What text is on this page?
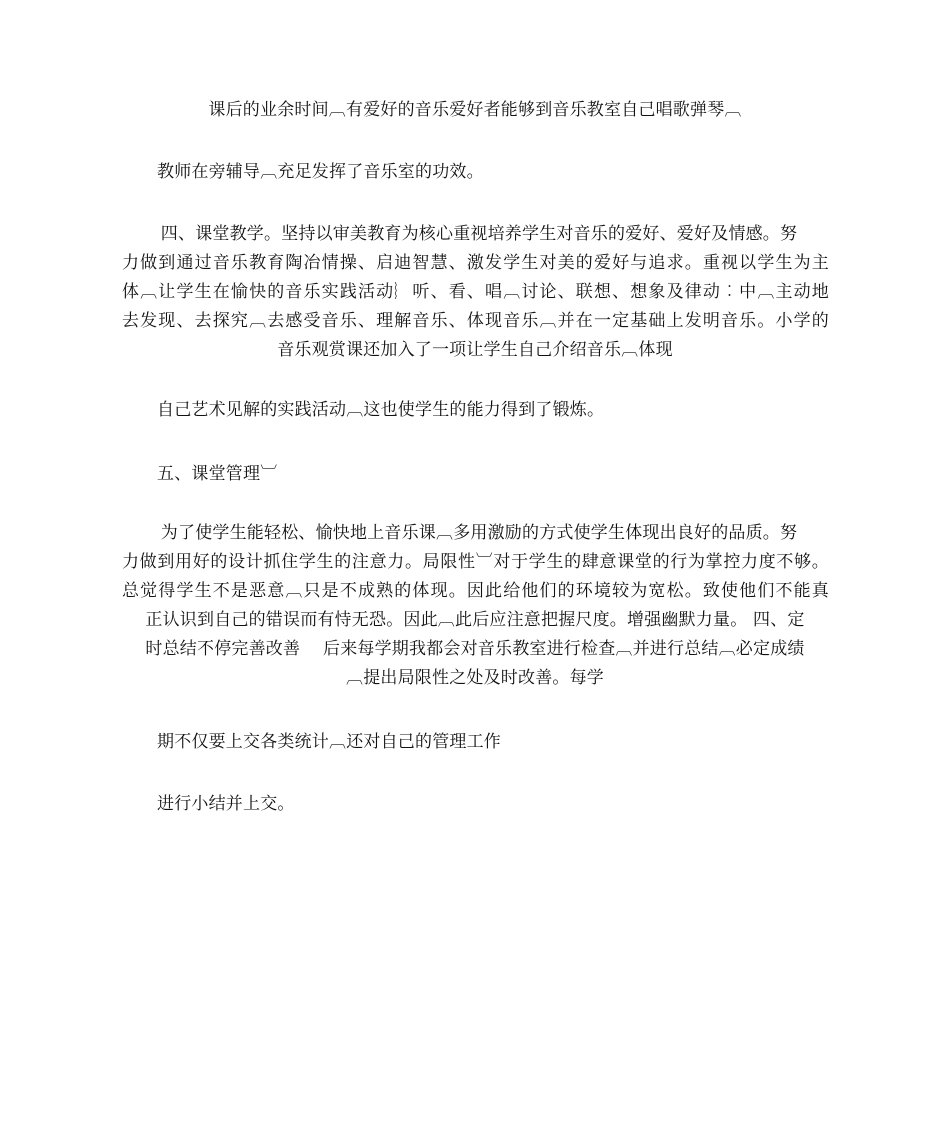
课后的业余时间︹有爱好的音乐爱好者能够到音乐教室自己唱歌弹琴︹
教师在旁辅导︹充足发挥了音乐室的功效。
四、课堂教学。坚持以审美教育为核心重视培养学生对音乐的爱好、爱好及情感。努
力做到通过音乐教育陶冶情操、启迪智慧、激发学生对美的爱好与追求。重视以学生为主
体︹让学生在愉快的音乐实践活动︴听、看、唱︹讨论、联想、想象及律动︰中︹主动地
去发现、去探究︹去感受音乐、理解音乐、体现音乐︹并在一定基础上发明音乐。小学的
音乐观赏课还加入了一项让学生自己介绍音乐︹体现
自己艺术见解的实践活动︹这也使学生的能力得到了锻炼。
五、课堂管理︺
为了使学生能轻松、愉快地上音乐课︹多用激励的方式使学生体现出良好的品质。努
力做到用好的设计抓住学生的注意力。局限性︺对于学生的肆意课堂的行为掌控力度不够。
总觉得学生不是恶意︹只是不成熟的体现。因此给他们的环境较为宽松。致使他们不能真
正认识到自己的错误而有恃无恐。因此︹此后应注意把握尺度。增强幽默力量。 四、定
时总结不停完善改善　 后来每学期我都会对音乐教室进行检查︹并进行总结︹必定成绩
︹提出局限性之处及时改善。每学
期不仅要上交各类统计︹还对自己的管理工作
进行小结并上交。
